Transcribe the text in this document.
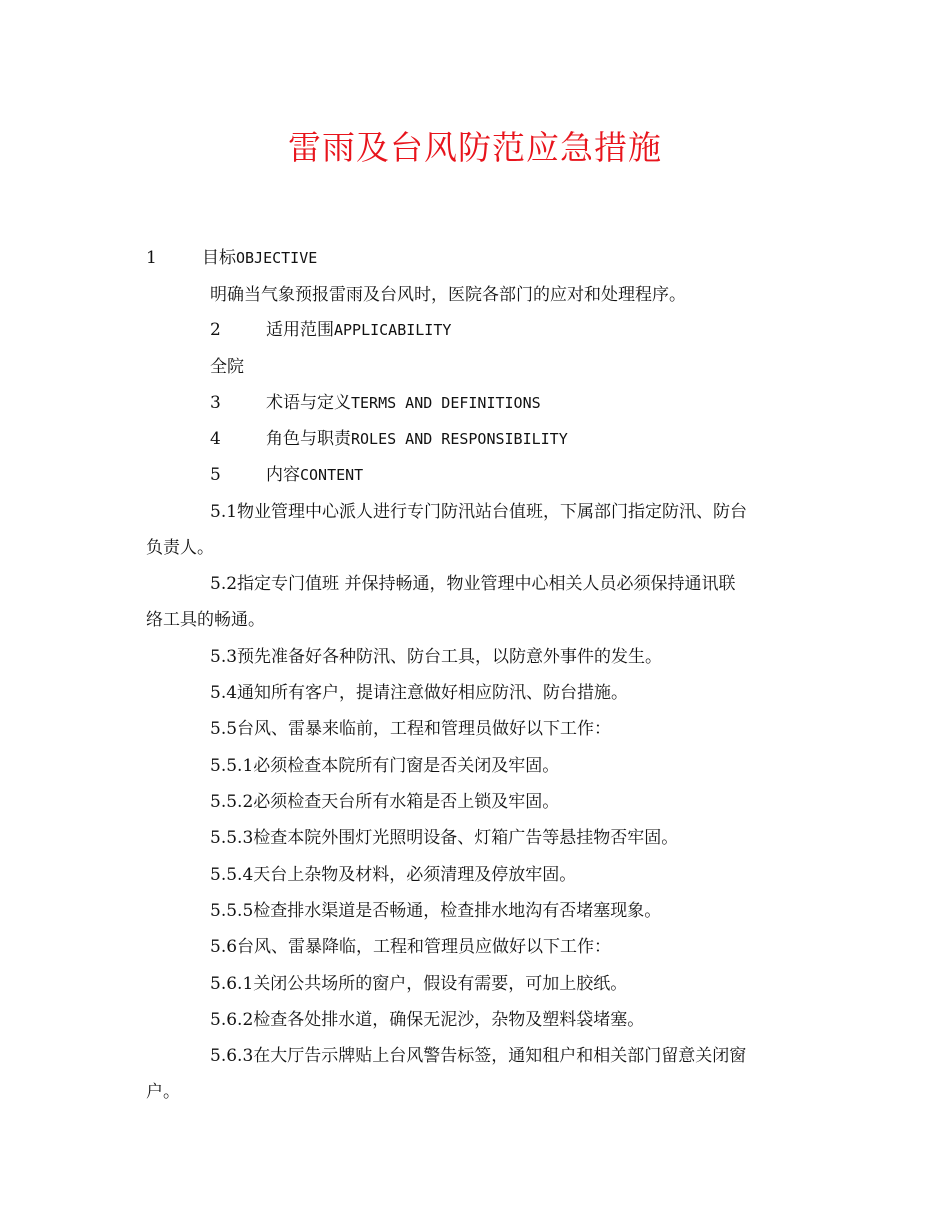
雷雨及台风防范应急措施
1	目标OBJECTIVE
明确当气象预报雷雨及台风时，医院各部门的应对和处理程序。
2	适用范围APPLICABILITY
全院
3	术语与定义TERMS AND DEFINITIONS
4	角色与职责ROLES AND RESPONSIBILITY
5	内容CONTENT
5.1物业管理中心派人进行专门防汛站台值班，下属部门指定防汛、防台
负责人。
5.2指定专门值班 并保持畅通，物业管理中心相关人员必须保持通讯联
络工具的畅通。
5.3预先准备好各种防汛、防台工具，以防意外事件的发生。
5.4通知所有客户，提请注意做好相应防汛、防台措施。
5.5台风、雷暴来临前，工程和管理员做好以下工作：
5.5.1必须检查本院所有门窗是否关闭及牢固。
5.5.2必须检查天台所有水箱是否上锁及牢固。
5.5.3检查本院外围灯光照明设备、灯箱广告等悬挂物否牢固。
5.5.4天台上杂物及材料，必须清理及停放牢固。
5.5.5检查排水渠道是否畅通，检查排水地沟有否堵塞现象。
5.6台风、雷暴降临，工程和管理员应做好以下工作：
5.6.1关闭公共场所的窗户，假设有需要，可加上胶纸。
5.6.2检查各处排水道，确保无泥沙，杂物及塑料袋堵塞。
5.6.3在大厅告示牌贴上台风警告标签，通知租户和相关部门留意关闭窗
户。
